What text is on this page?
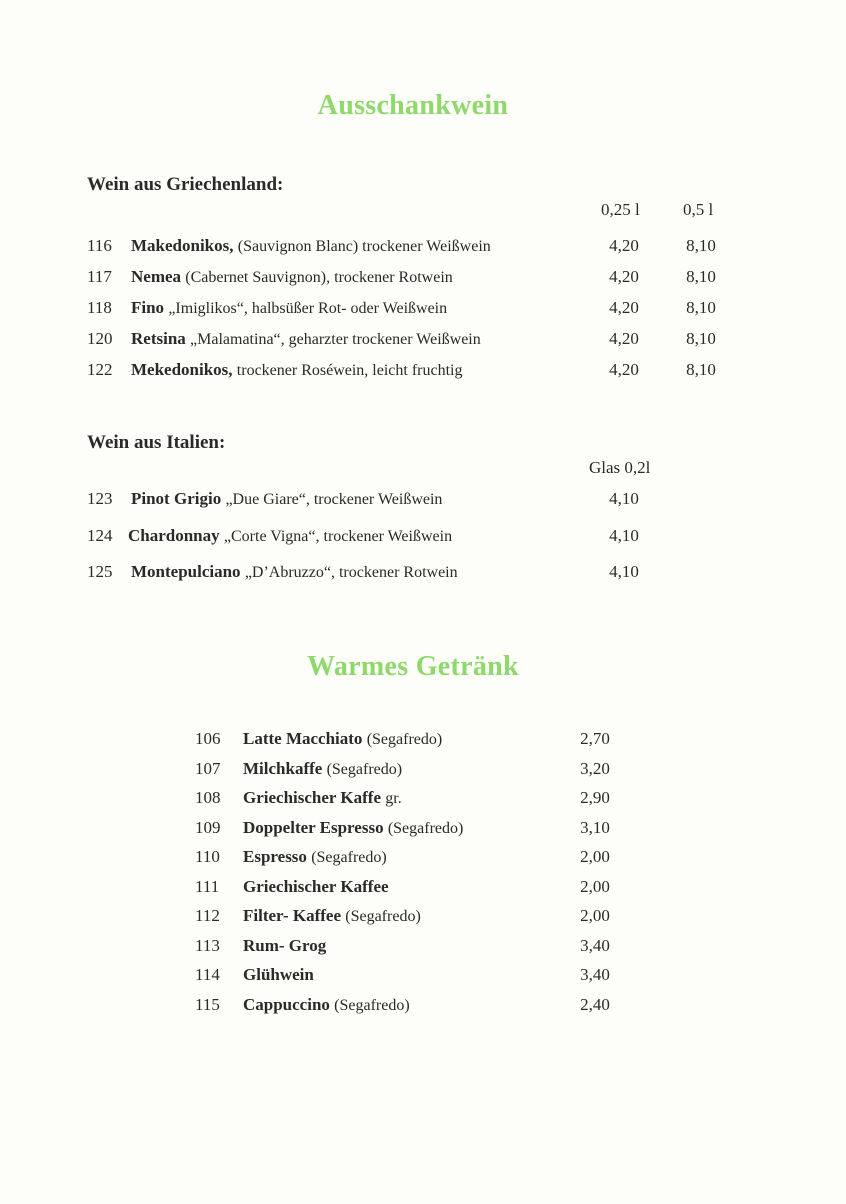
Ausschankwein
Wein aus Griechenland:
0,25 l	0,5 l
116 Makedonikos, (Sauvignon Blanc) trockener Weißwein	4,20	8,10
117 Nemea (Cabernet Sauvignon), trockener Rotwein	4,20	8,10
118 Fino „Imiglikos“, halbsüßer Rot- oder Weißwein	4,20	8,10
120 Retsina „Malamatina“, geharzter trockener Weißwein	4,20	8,10
122 Mekedonikos, trockener Roséwein, leicht fruchtig	4,20	8,10
Wein aus Italien:
Glas 0,2l
123 Pinot Grigio „Due Giare“, trockener Weißwein	4,10
124 Chardonnay „Corte Vigna“, trockener Weißwein	4,10
125 Montepulciano „D’Abruzzo“, trockener Rotwein	4,10
Warmes Getränk
106 Latte Macchiato (Segafredo)	2,70
107 Milchkaffe (Segafredo)	3,20
108 Griechischer Kaffe gr.	2,90
109 Doppelter Espresso (Segafredo)	3,10
110 Espresso (Segafredo)	2,00
111 Griechischer Kaffee	2,00
112 Filter- Kaffee (Segafredo)	2,00
113 Rum- Grog	3,40
114 Glühwein	3,40
115 Cappuccino (Segafredo)	2,40
